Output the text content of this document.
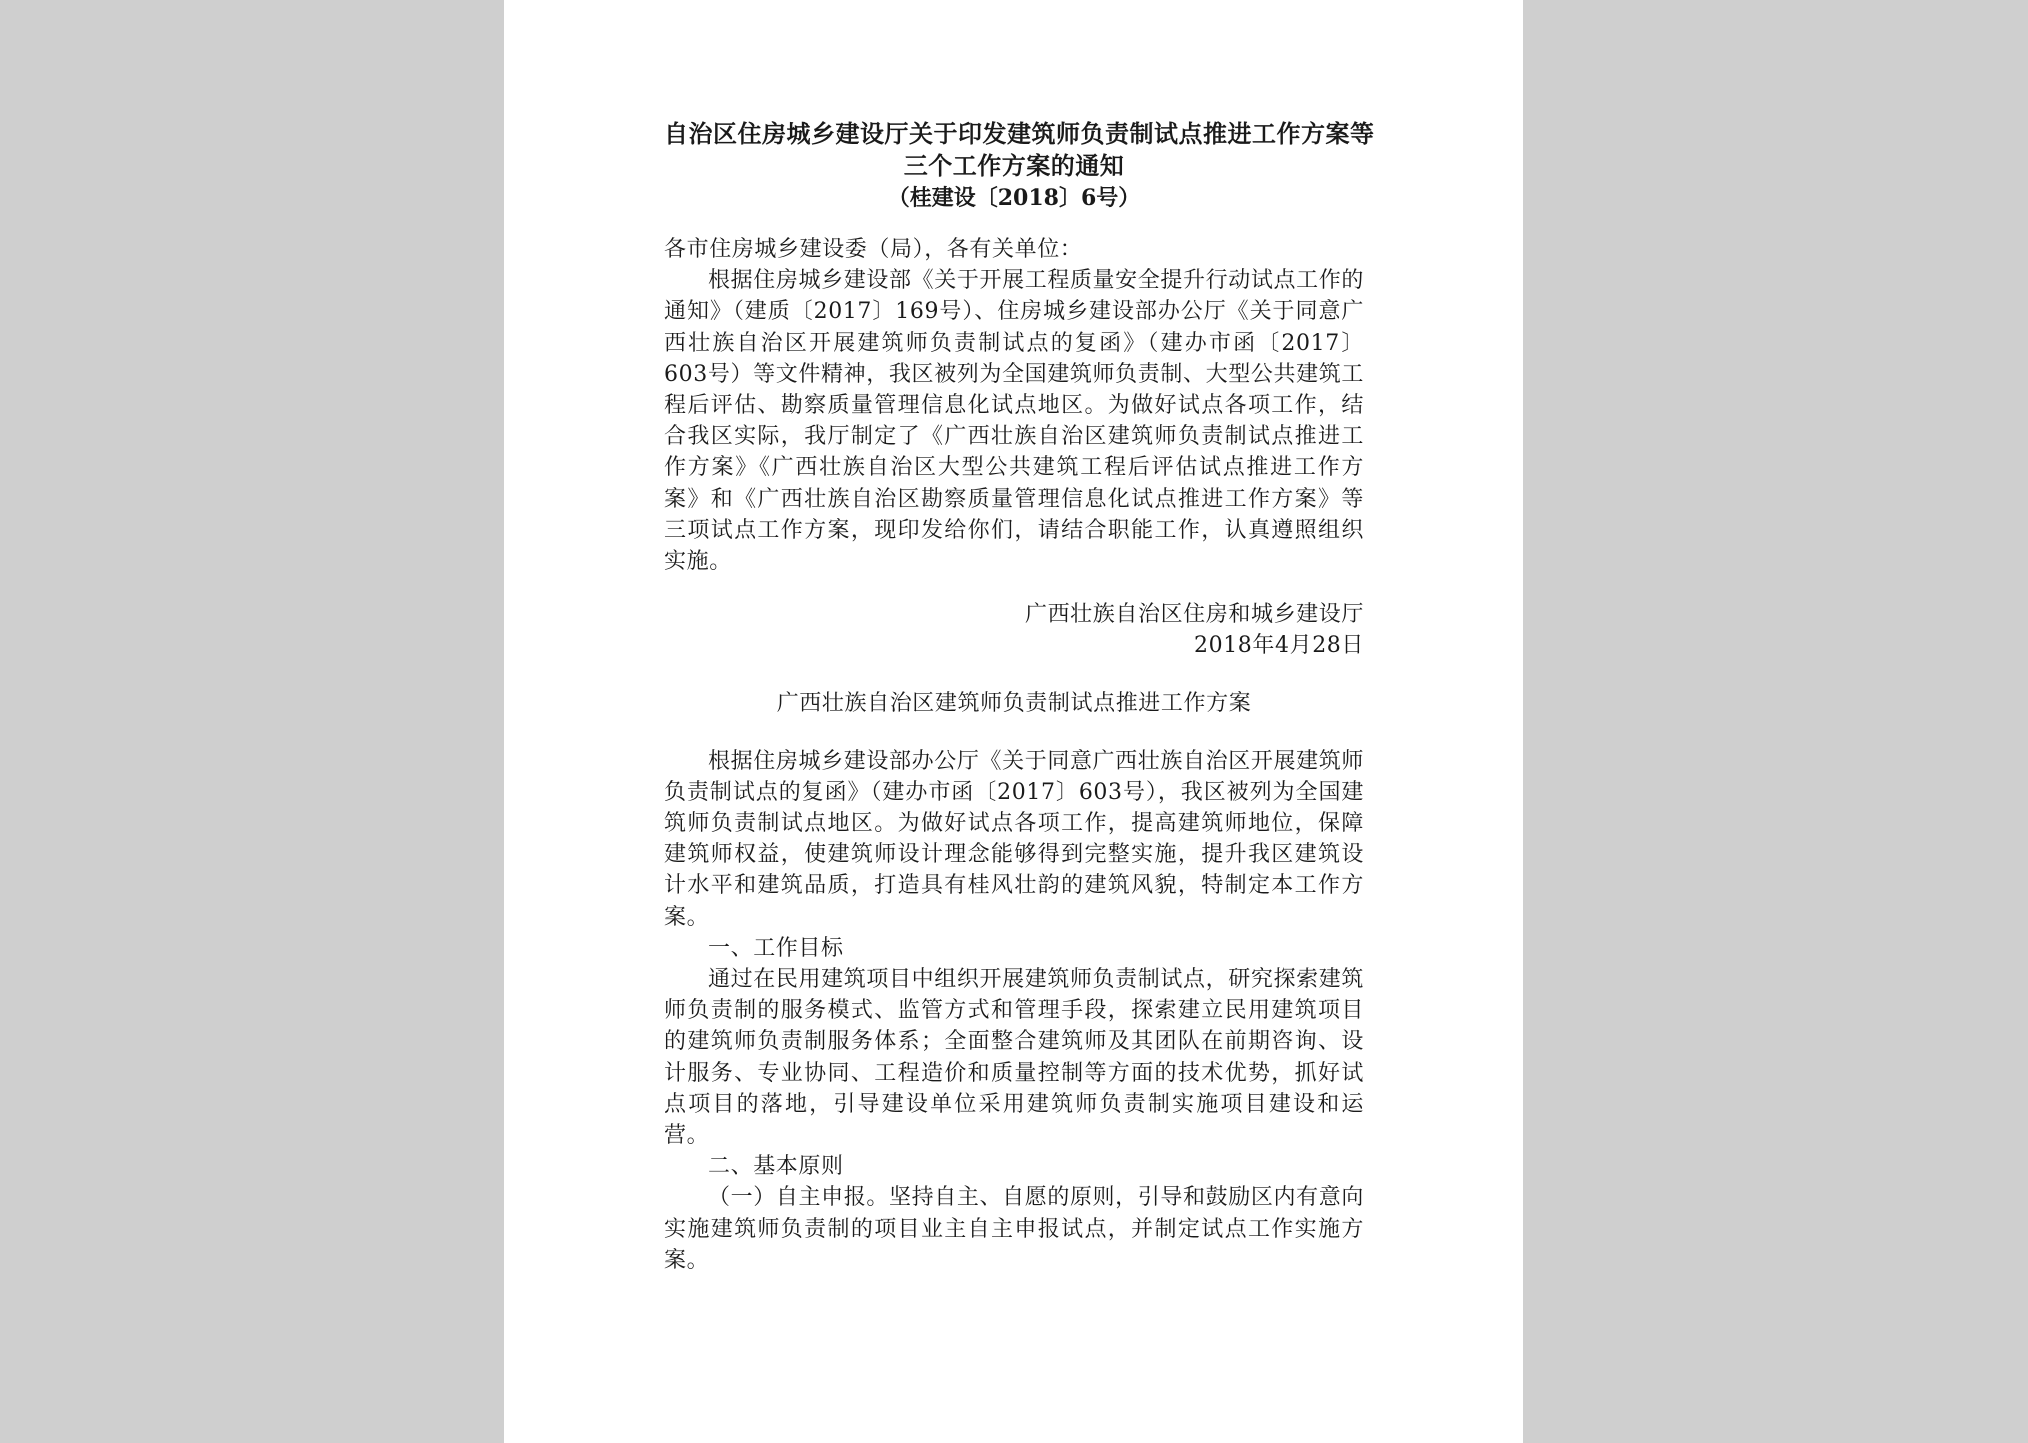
自治区住房城乡建设厅关于印发建筑师负责制试点推进工作方案等
三个工作方案的通知
（桂建设〔2018〕6号）

各市住房城乡建设委（局），各有关单位：

根据住房城乡建设部《关于开展工程质量安全提升行动试点工作的通知》（建质〔2017〕169号）、住房城乡建设部办公厅《关于同意广西壮族自治区开展建筑师负责制试点的复函》（建办市函〔2017〕603号）等文件精神，我区被列为全国建筑师负责制、大型公共建筑工程后评估、勘察质量管理信息化试点地区。为做好试点各项工作，结合我区实际，我厅制定了《广西壮族自治区建筑师负责制试点推进工作方案》《广西壮族自治区大型公共建筑工程后评估试点推进工作方案》和《广西壮族自治区勘察质量管理信息化试点推进工作方案》等三项试点工作方案，现印发给你们，请结合职能工作，认真遵照组织实施。

广西壮族自治区住房和城乡建设厅
2018年4月28日
广西壮族自治区建筑师负责制试点推进工作方案

根据住房城乡建设部办公厅《关于同意广西壮族自治区开展建筑师负责制试点的复函》（建办市函〔2017〕603号），我区被列为全国建筑师负责制试点地区。为做好试点各项工作，提高建筑师地位，保障建筑师权益，使建筑师设计理念能够得到完整实施，提升我区建筑设计水平和建筑品质，打造具有桂风壮韵的建筑风貌，特制定本工作方案。

一、工作目标

通过在民用建筑项目中组织开展建筑师负责制试点，研究探索建筑师负责制的服务模式、监管方式和管理手段，探索建立民用建筑项目的建筑师负责制服务体系；全面整合建筑师及其团队在前期咨询、设计服务、专业协同、工程造价和质量控制等方面的技术优势，抓好试点项目的落地，引导建设单位采用建筑师负责制实施项目建设和运营。

二、基本原则

（一）自主申报。坚持自主、自愿的原则，引导和鼓励区内有意向实施建筑师负责制的项目业主自主申报试点，并制定试点工作实施方案。
